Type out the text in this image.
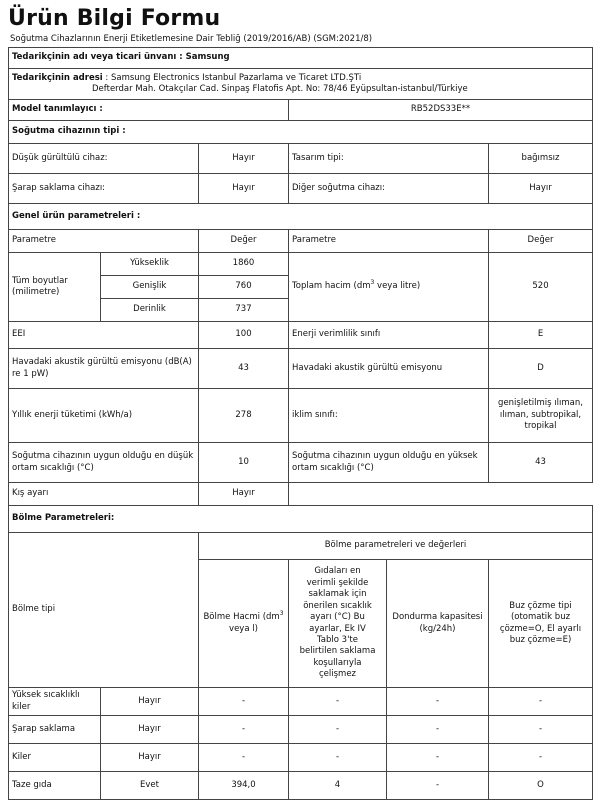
Ürün Bilgi Formu
Soğutma Cihazlarının Enerji Etiketlemesine Dair Tebliğ (2019/2016/AB) (SGM:2021/8)
Tedarikçinin adı veya ticari ünvanı : Samsung					

Tedarikçinin adresi : Samsung Electronics Istanbul Pazarlama ve Ticaret LTD.ŞTi
Defterdar Mah. Otakçılar Cad. Sinpaş Flatofis Apt. No: 78/46 Eyüpsultan-istanbul/Türkiye					

Model tanımlayıcı :			RB52DS33E**		
Soğutma cihazının tipi :					
Düşük gürültülü cihaz:		Hayır	Tasarım tipi:		bağımsız
Şarap saklama cihazı:		Hayır	Diğer soğutma cihazı:		Hayır
Genel ürün parametreleri :					
Parametre		Değer	Parametre		Değer
Tüm boyutlar (milimetre)	Yükseklik	1860	Toplam hacim ($dm^3$ veya litre)		520
	Genişlik	760			
	Derinlik	737			
EEI		100	Enerji verimlilik sınıfı		E
Havadaki akustik gürültü emisyonu (dB(A) re 1 pW)		43	Havadaki akustik gürültü emisyonu		D
Yıllık enerji tüketimi (kWh/a)		278	iklim sınıfı:		genişletilmiş ılıman, ılıman, subtropikal, tropikal
Soğutma cihazının uygun olduğu en düşük ortam sıcaklığı (°C)		10	Soğutma cihazının uygun olduğu en yüksek ortam sıcaklığı (°C)		43
Kış ayarı		Hayır			
Bölme Parametreleri:					
Bölme tipi		Bölme parametreleri ve değerleri			
		Bölme Hacmi ($dm^3$ veya l)	Gıdaları en verimli şekilde saklamak için önerilen sıcaklık ayarı (°C) Bu ayarlar, Ek IV Tablo 3'te belirtilen saklama koşullarıyla çelişmez	Dondurma kapasitesi (kg/24h)	Buz çözme tipi (otomatik buz çözme=O, El ayarlı buz çözme=E)
Yüksek sıcaklıklı kiler	Hayır	-	-	-	-
Şarap saklama	Hayır	-	-	-	-
Kiler	Hayır	-	-	-	-
Taze gıda	Evet	394,0	4	-	O
